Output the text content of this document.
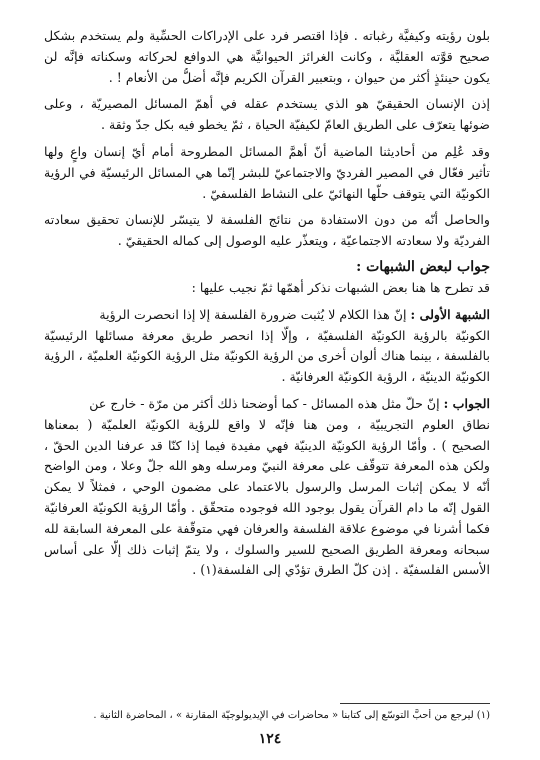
بلون رؤيته وكيفيَّة رغباته . فإذا اقتصر فرد على الإدراكات الحسِّية ولم يستخدم بشكل
صحيح قوَّته العقليَّة ، وكانت الغرائز الحيوانيَّة هي الدوافع لحركاته وسكناته فإنَّه لن
يكون حينئذٍ أكثر من حيوان ، وبتعبير القرآن الكريم فإنَّه أضلُّ من الأنعام ! .
إذن الإنسان الحقيقيّ هو الذي يستخدم عقله في أهمّ المسائل المصيريّة ، وعلى
ضوئها يتعرّف على الطريق العامّ لكيفيّة الحياة ، ثمّ يخطو فيه بكل جدّ وثقة .
وقد عُلِم من أحاديثنا الماضية أنّ أهمَّ المسائل المطروحة أمام أيّ إنسان واعٍ ولها
تأثير فعّال في المصير الفرديّ والاجتماعيّ للبشر إنّما هي المسائل الرئيسيّة في الرؤية
الكونيّة التي يتوقف حلّها النهائيّ على النشاط الفلسفيّ .
والحاصل أنّه من دون الاستفادة من نتائج الفلسفة لا يتيسّر للإنسان تحقيق سعادته
الفرديّة ولا سعادته الاجتماعيّة ، ويتعذّر عليه الوصول إلى كماله الحقيقيّ .
جواب لبعض الشبهات :
قد تطرح ها هنا بعض الشبهات نذكر أهمّها ثمّ نجيب عليها :
الشبهة الأولى : إنّ هذا الكلام لا يُثبت ضرورة الفلسفة إلا إذا انحصرت الرؤية
الكونيّة بالرؤية الكونيّة الفلسفيّة ، وإلّا إذا انحصر طريق معرفة مسائلها الرئيسيّة
بالفلسفة ، بينما هناك ألوان أخرى من الرؤية الكونيّة مثل الرؤية الكونيّة العلميّة ، الرؤية
الكونيّة الدينيّة ، الرؤية الكونيّة العرفانيّة .
الجواب : إنّ حلّ مثل هذه المسائل - كما أوضحنا ذلك أكثر من مرّة - خارج عن
نطاق العلوم التجريبيّة ، ومن هنا فإنّه لا واقع للرؤية الكونيّة العلميّة ( بمعناها
الصحيح ) . وأمّا الرؤية الكونيّة الدينيّة فهي مفيدة فيما إذا كنّا قد عرفنا الدين الحقّ ،
ولكن هذه المعرفة تتوقّف على معرفة النبيّ ومرسله وهو الله جلّ وعلا ، ومن الواضح
أنّه لا يمكن إثبات المرسل والرسول بالاعتماد على مضمون الوحي ، فمثلاً لا يمكن
القول إنّه ما دام القرآن يقول بوجود الله فوجوده متحقّق . وأمّا الرؤية الكونيّة العرفانيّة
فكما أشرنا في موضوع علاقة الفلسفة والعرفان فهي متوقّفة على المعرفة السابقة لله
سبحانه ومعرفة الطريق الصحيح للسير والسلوك ، ولا يتمّ إثبات ذلك إلّا على أساس
الأسس الفلسفيّة . إذن كلّ الطرق تؤدّي إلى الفلسفة(١) .
(١) ليرجع من أحبَّ التوسّع إلى كتابنا « محاضرات في الإيديولوجيّة المقارنة » ، المحاضرة الثانية .
١٢٤
